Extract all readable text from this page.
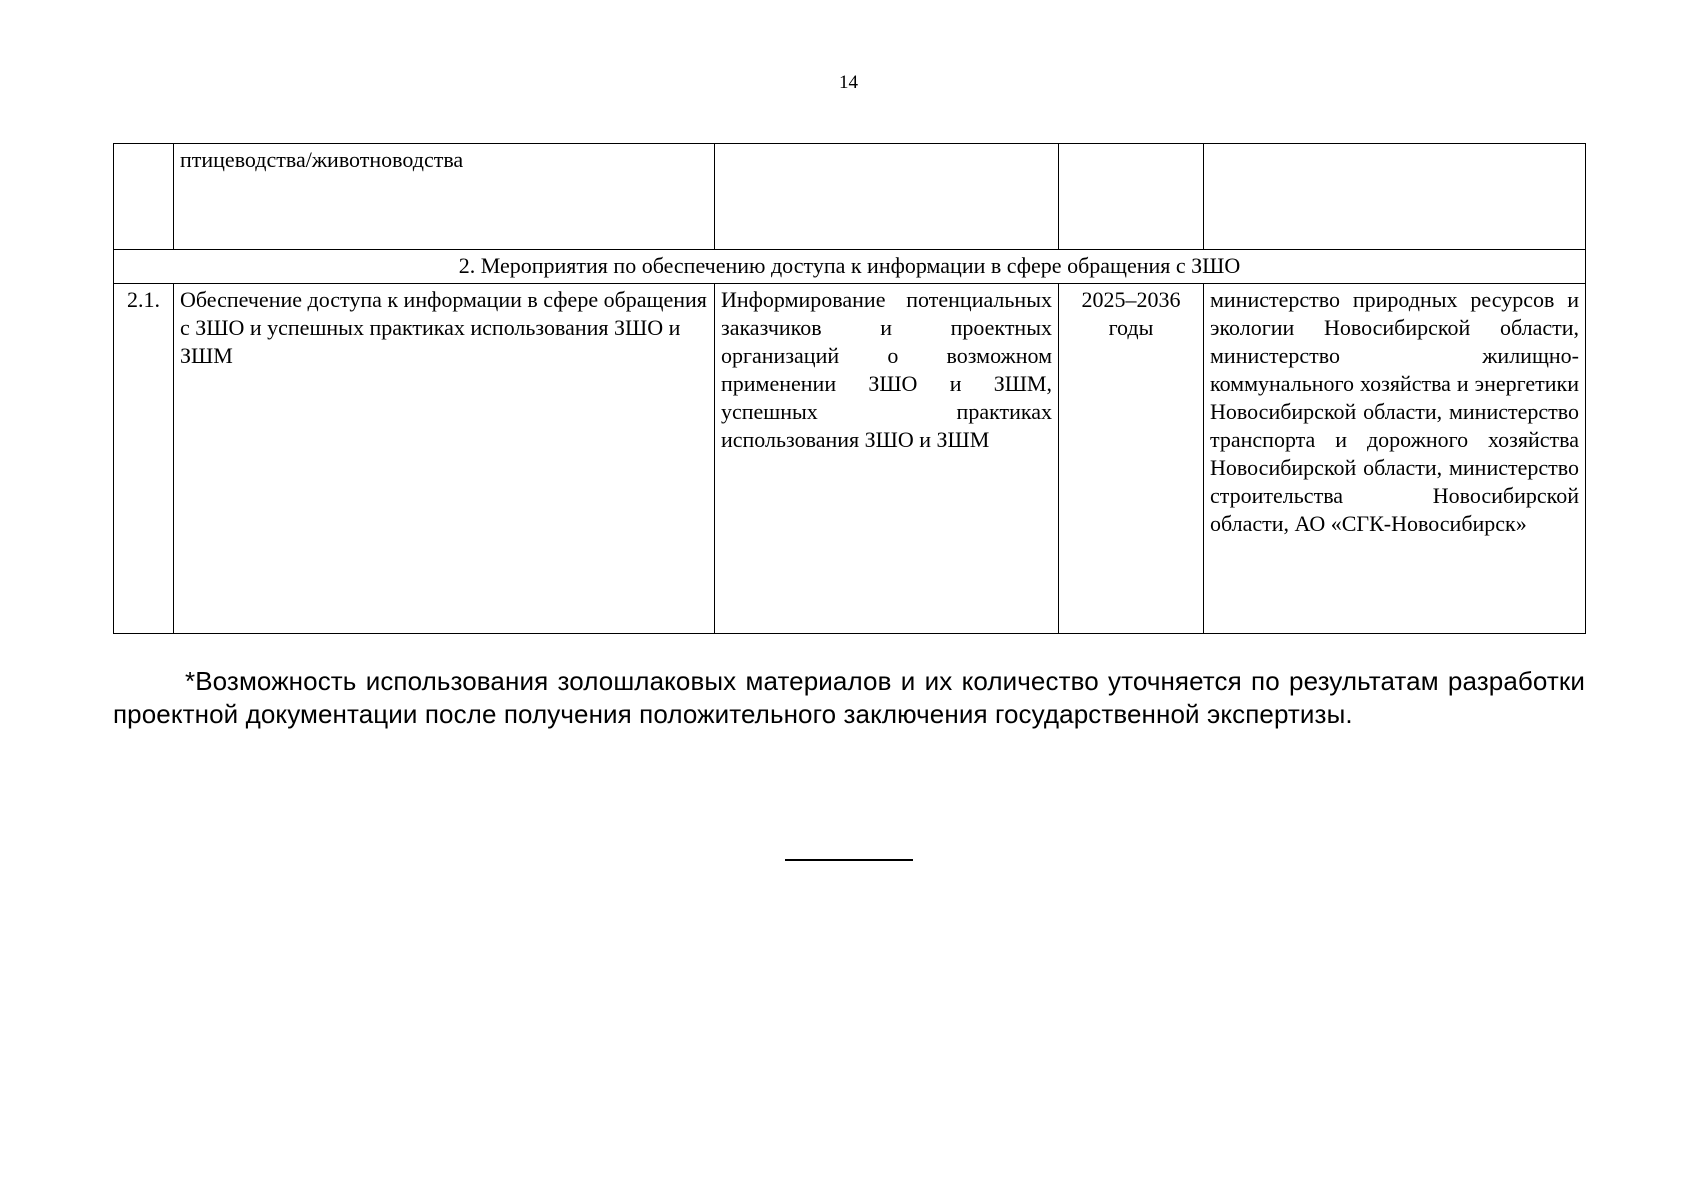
14
	птицеводства/животноводства			
2. Мероприятия по обеспечению доступа к информации в сфере обращения с ЗШО				
2.1.	Обеспечение доступа к информации в сфере обращения с ЗШО и успешных практиках использования ЗШО и ЗШМ	Информирование потенциальных заказчиков и проектных организаций о возможном применении ЗШО и ЗШМ, успешных практиках использования ЗШО и ЗШМ	2025–2036 годы	министерство природных ресурсов и экологии Новосибирской области, министерство жилищно-коммунального хозяйства и энергетики Новосибирской области, министерство транспорта и дорожного хозяйства Новосибирской области, министерство строительства Новосибирской области, АО «СГК-Новосибирск»
*Возможность использования золошлаковых материалов и их количество уточняется по результатам разработки проектной документации после получения положительного заключения государственной экспертизы.
